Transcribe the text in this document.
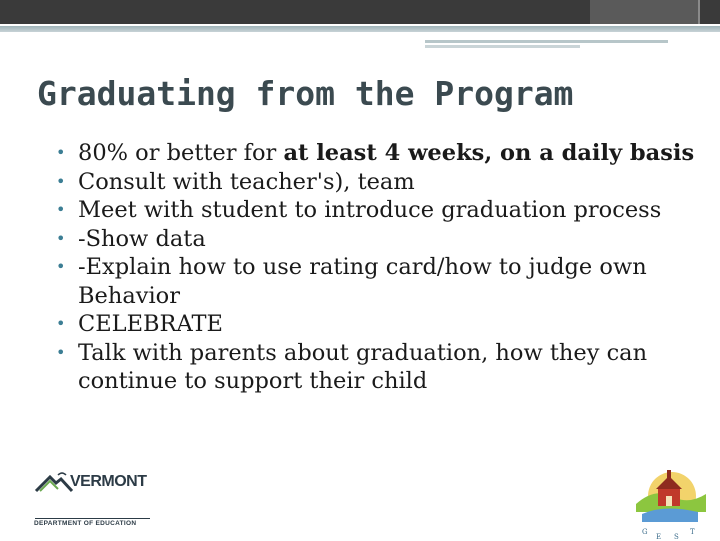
Graduating from the Program
• 80% or better for at least 4 weeks, on a daily basis
• Consult with teacher's), team
• Meet with student to introduce graduation process
• -Show data
• -Explain how to use rating card/how to judge own Behavior
• CELEBRATE
• Talk with parents about graduation, how they can continue to support their child
VERMONT
DEPARTMENT OF EDUCATION
G
E S
T
